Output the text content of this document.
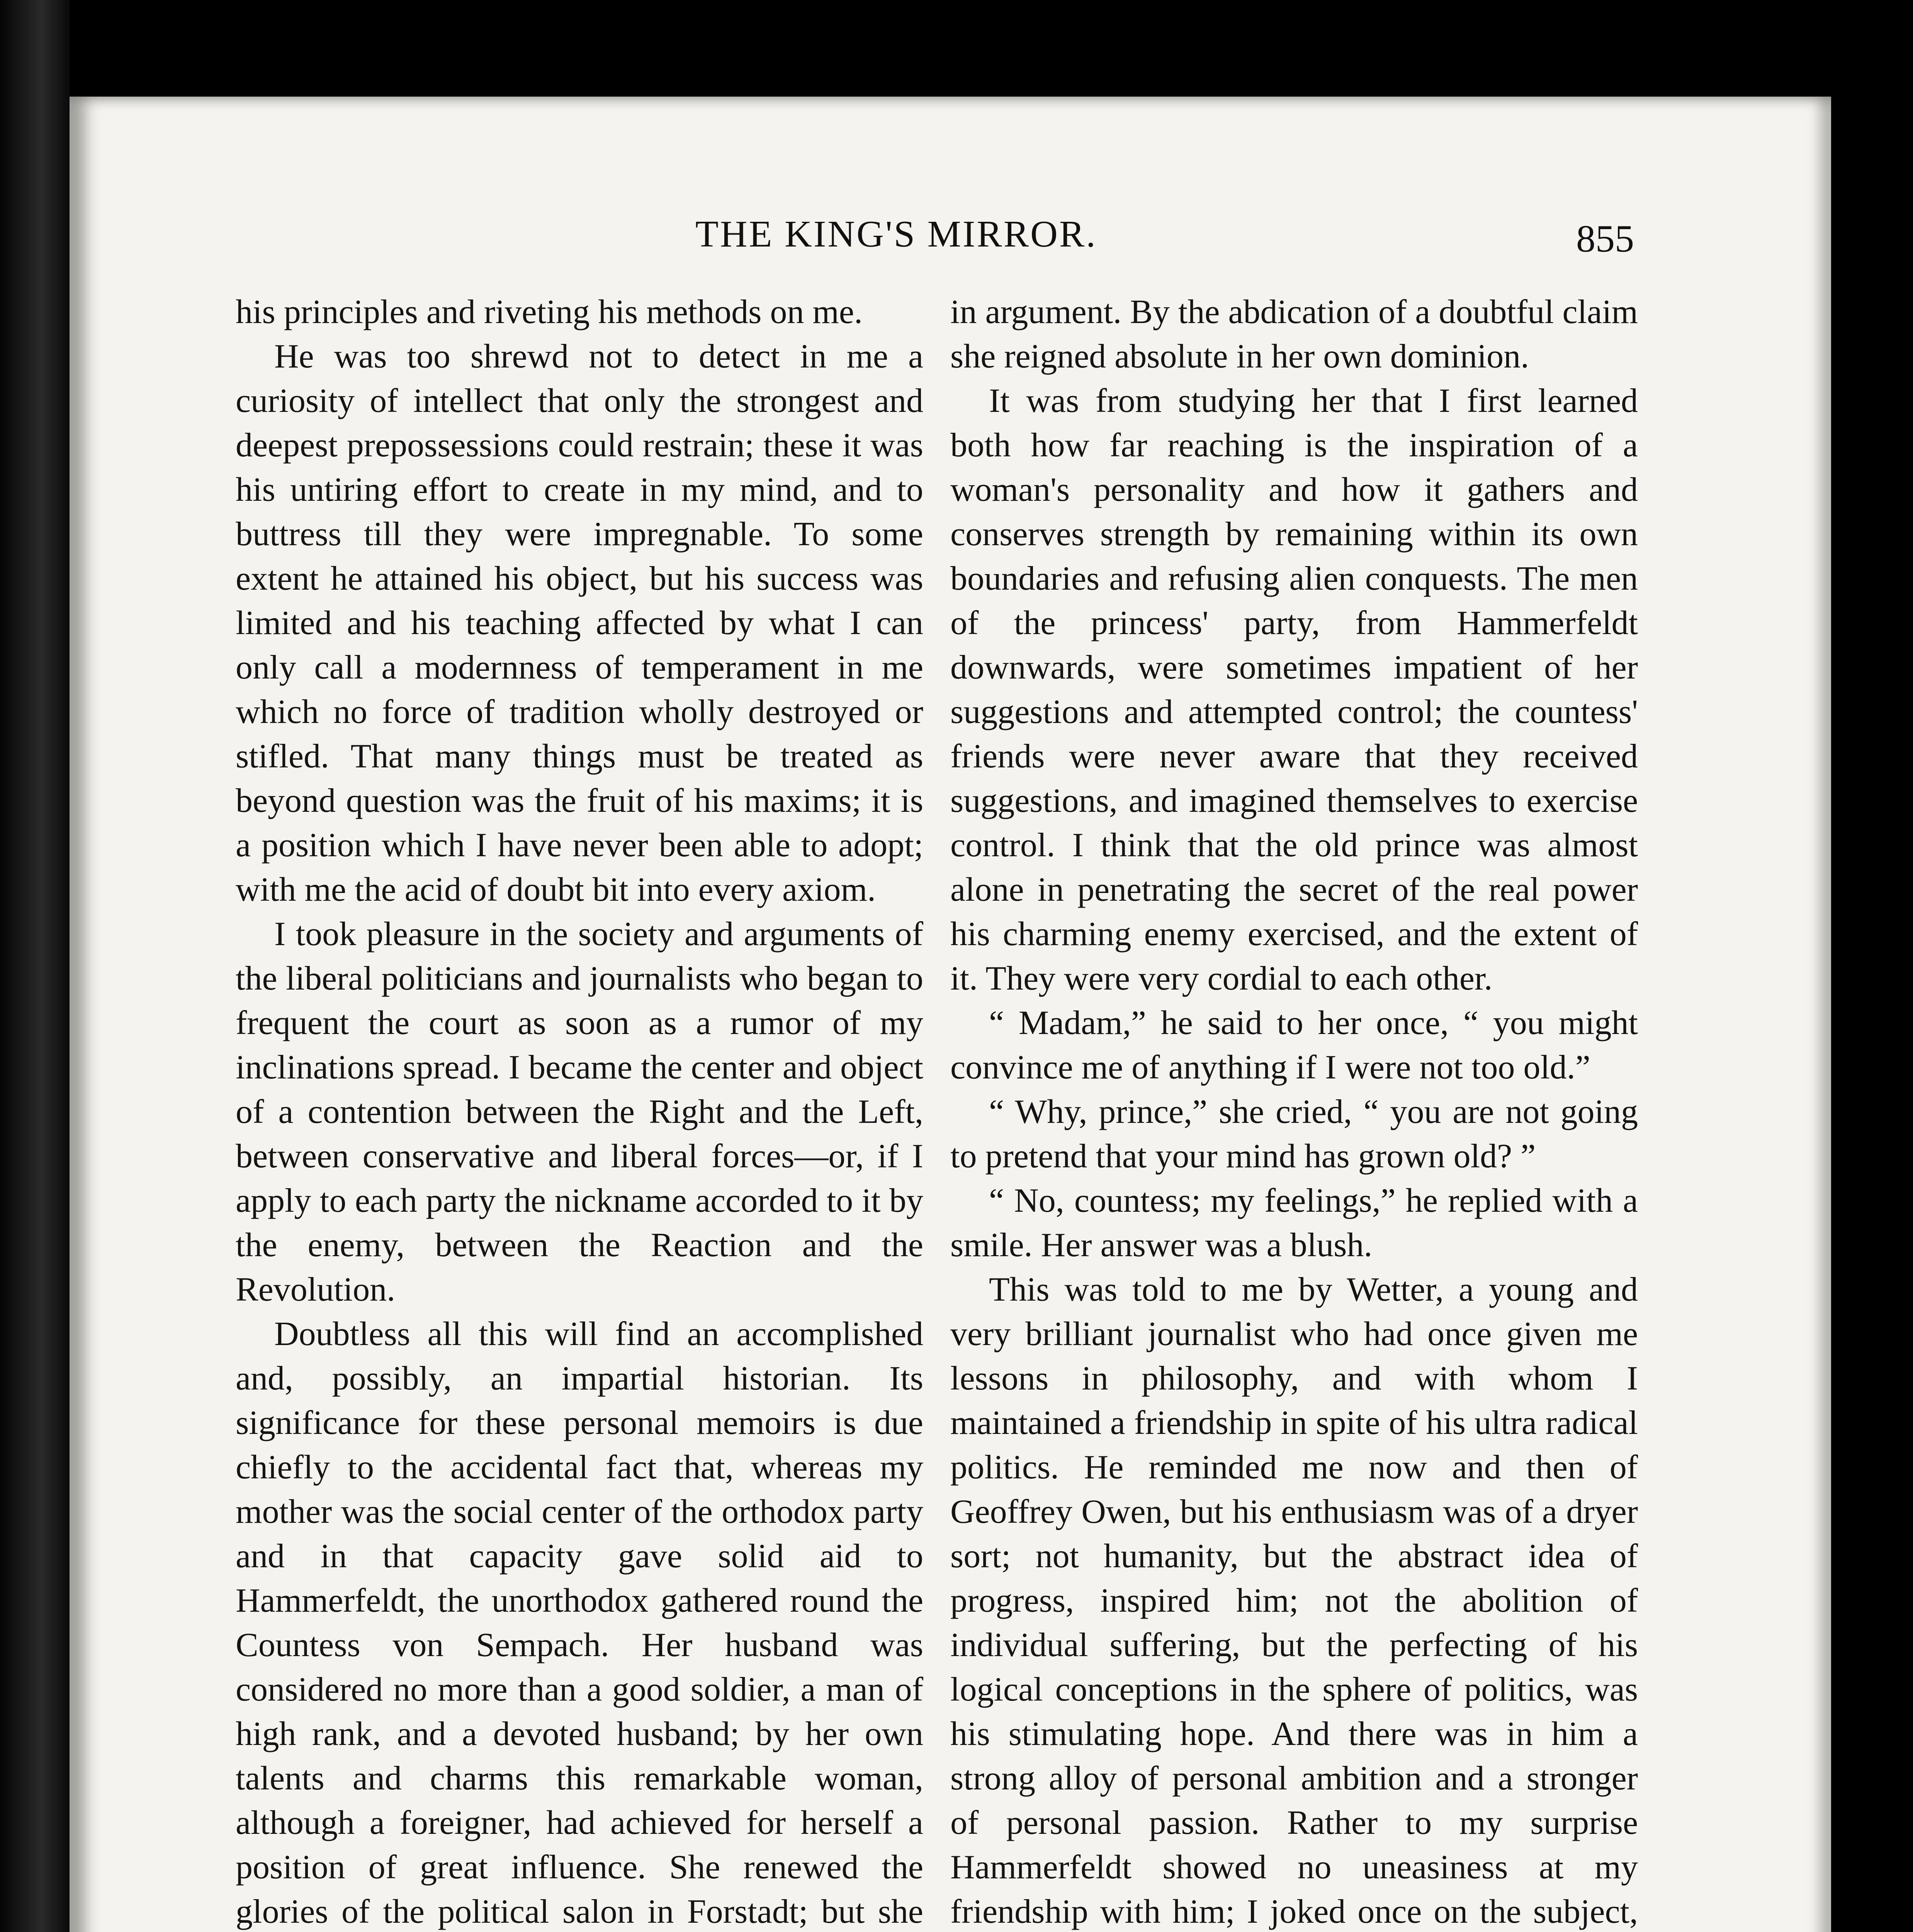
THE KING'S MIRROR.	855

his principles and riveting his methods on me.

He was too shrewd not to detect in me a curiosity of intellect that only the strongest and deepest prepossessions could restrain; these it was his untiring effort to create in my mind, and to buttress till they were impregnable. To some extent he attained his object, but his success was limited and his teaching affected by what I can only call a modernness of temperament in me which no force of tradition wholly destroyed or stifled. That many things must be treated as beyond question was the fruit of his maxims; it is a position which I have never been able to adopt; with me the acid of doubt bit into every axiom.

I took pleasure in the society and arguments of the liberal politicians and journalists who began to frequent the court as soon as a rumor of my inclinations spread. I became the center and object of a contention between the Right and the Left, between conservative and liberal forces—or, if I apply to each party the nickname accorded to it by the enemy, between the Reaction and the Revolution.

Doubtless all this will find an accomplished and, possibly, an impartial historian. Its significance for these personal memoirs is due chiefly to the accidental fact that, whereas my mother was the social center of the orthodox party and in that capacity gave solid aid to Hammerfeldt, the unorthodox gathered round the Countess von Sempach. Her husband was considered no more than a good soldier, a man of high rank, and a devoted husband; by her own talents and charms this remarkable woman, although a foreigner, had achieved for herself a position of great influence. She renewed the glories of the political salon in Forstadt; but she

in argument. By the abdication of a doubtful claim she reigned absolute in her own dominion.

It was from studying her that I first learned both how far reaching is the inspiration of a woman's personality and how it gathers and conserves strength by remaining within its own boundaries and refusing alien conquests. The men of the princess' party, from Hammerfeldt downwards, were sometimes impatient of her suggestions and attempted control; the countess' friends were never aware that they received suggestions, and imagined themselves to exercise control. I think that the old prince was almost alone in penetrating the secret of the real power his charming enemy exercised, and the extent of it. They were very cordial to each other.

“ Madam,” he said to her once, “ you might convince me of anything if I were not too old.”

“ Why, prince,” she cried, “ you are not going to pretend that your mind has grown old? ”

“ No, countess; my feelings,” he replied with a smile. Her answer was a blush.

This was told to me by Wetter, a young and very brilliant journalist who had once given me lessons in philosophy, and with whom I maintained a friendship in spite of his ultra radical politics. He reminded me now and then of Geoffrey Owen, but his enthusiasm was of a dryer sort; not humanity, but the abstract idea of progress, inspired him; not the abolition of individual suffering, but the perfecting of his logical conceptions in the sphere of politics, was his stimulating hope. And there was in him a strong alloy of personal ambition and a stronger of personal passion. Rather to my surprise Hammerfeldt showed no uneasiness at my friendship with him; I joked once on the subject,
